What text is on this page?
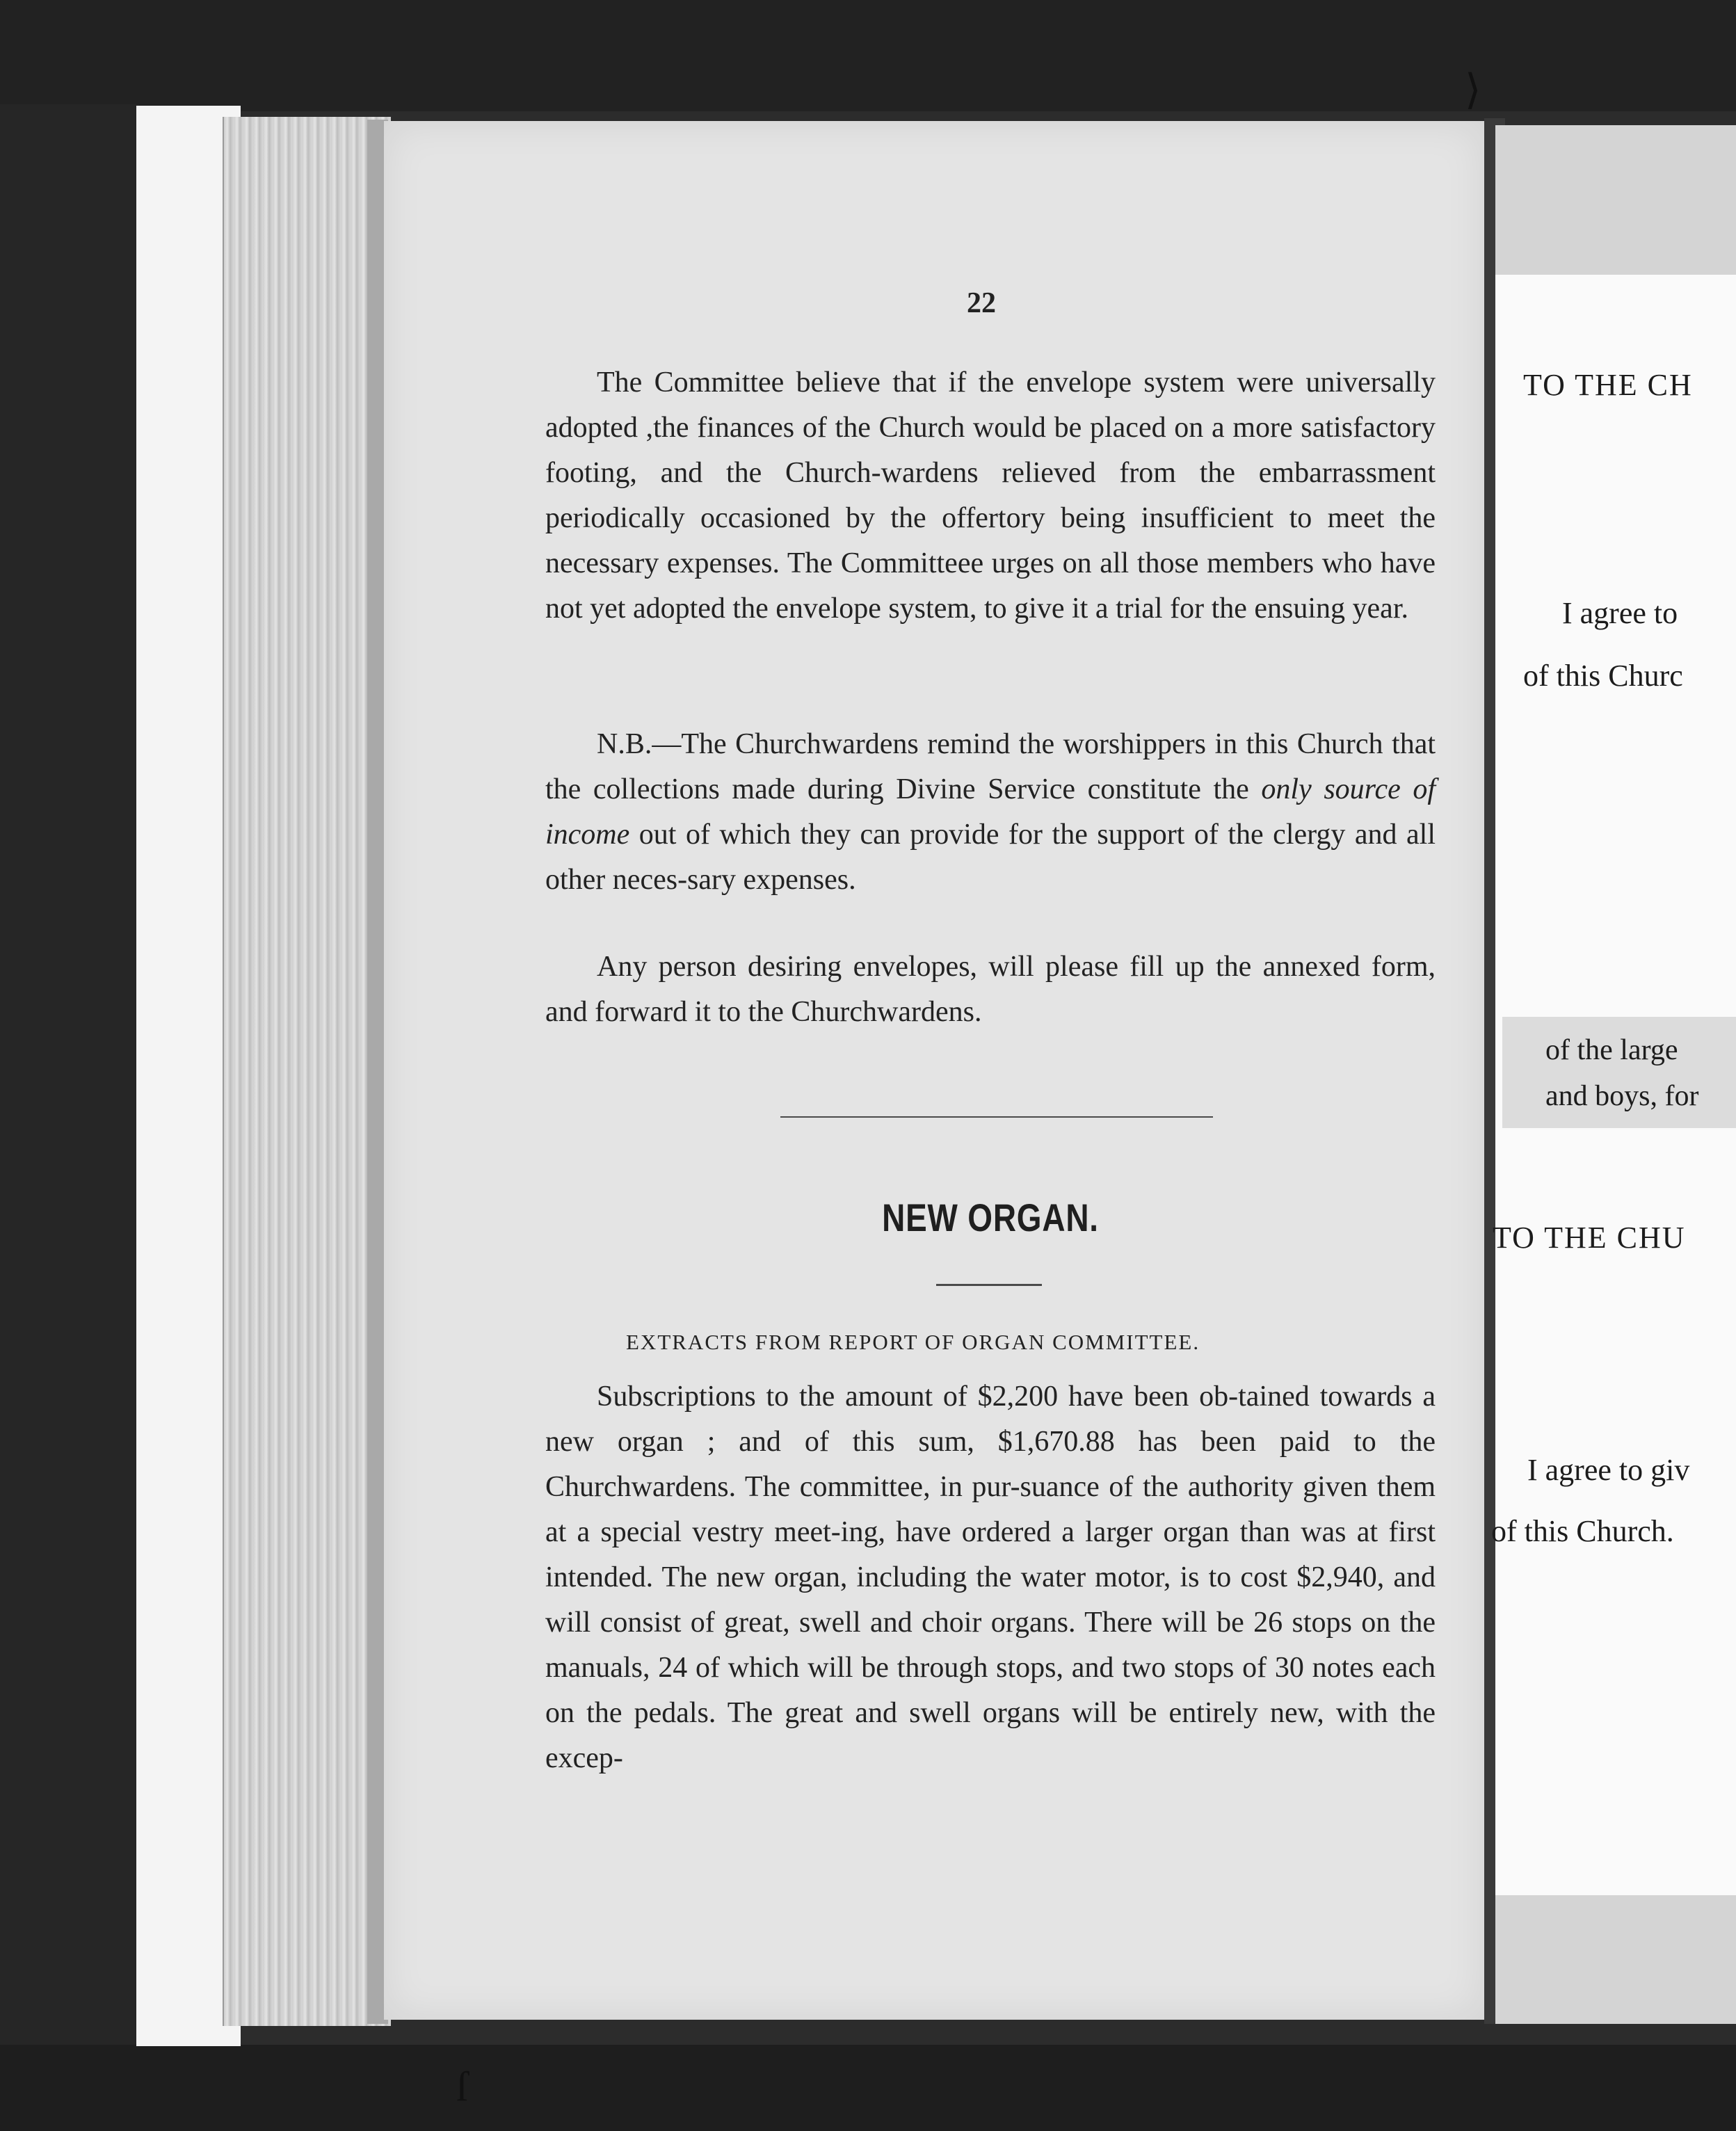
22
The Committee believe that if the envelope system were universally adopted ,the finances of the Church would be placed on a more satisfactory footing, and the Church-wardens relieved from the embarrassment periodically occasioned by the offertory being insufficient to meet the necessary expenses. The Committeee urges on all those members who have not yet adopted the envelope system, to give it a trial for the ensuing year.
N.B.—The Churchwardens remind the worshippers in this Church that the collections made during Divine Service constitute the only source of income out of which they can provide for the support of the clergy and all other neces-sary expenses.
Any person desiring envelopes, will please fill up the annexed form, and forward it to the Churchwardens.
NEW ORGAN.
EXTRACTS FROM REPORT OF ORGAN COMMITTEE.
Subscriptions to the amount of $2,200 have been ob-tained towards a new organ ; and of this sum, $1,670.88 has been paid to the Churchwardens. The committee, in pur-suance of the authority given them at a special vestry meet-ing, have ordered a larger organ than was at first intended. The new organ, including the water motor, is to cost $2,940, and will consist of great, swell and choir organs. There will be 26 stops on the manuals, 24 of which will be through stops, and two stops of 30 notes each on the pedals. The great and swell organs will be entirely new, with the excep-
TO THE CH
I agree to
of this Churc
of the large
and boys, for
TO THE CHU
I agree to giv
of this Church.
⟩
ſ
